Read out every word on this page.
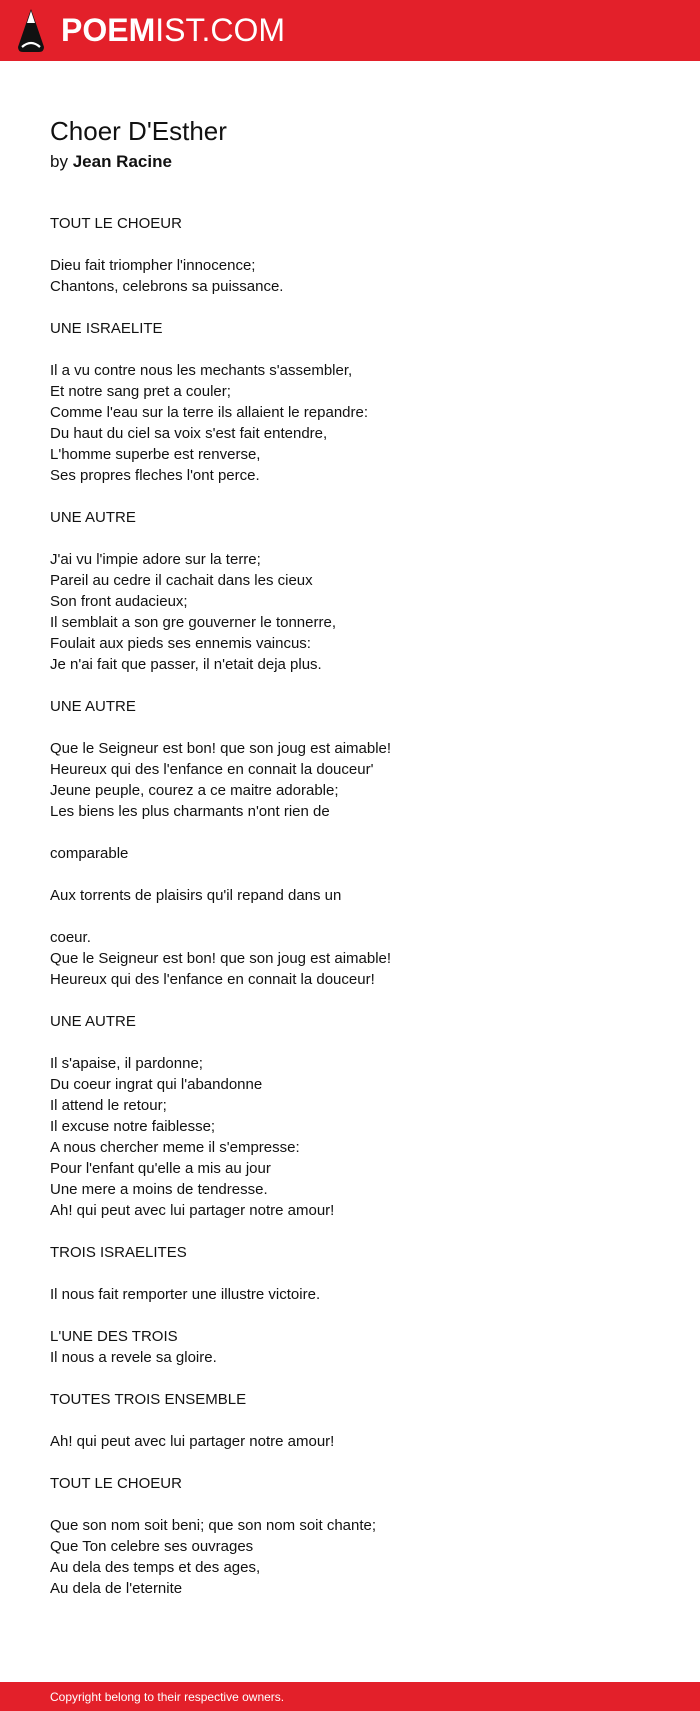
POEMIST.COM
Choer D'Esther
by Jean Racine
TOUT LE CHOEUR
Dieu fait triompher l'innocence;
Chantons, celebrons sa puissance.
UNE ISRAELITE
Il a vu contre nous les mechants s'assembler,
Et notre sang pret a couler;
Comme l'eau sur la terre ils allaient le repandre:
Du haut du ciel sa voix s'est fait entendre,
L'homme superbe est renverse,
Ses propres fleches l'ont perce.
UNE AUTRE
J'ai vu l'impie adore sur la terre;
Pareil au cedre il cachait dans les cieux
Son front audacieux;
Il semblait a son gre gouverner le tonnerre,
Foulait aux pieds ses ennemis vaincus:
Je n'ai fait que passer, il n'etait deja plus.
UNE AUTRE
Que le Seigneur est bon! que son joug est aimable!
Heureux qui des l'enfance en connait la douceur'
Jeune peuple, courez a ce maitre adorable;
Les biens les plus charmants n'ont rien de
comparable
Aux torrents de plaisirs qu'il repand dans un
coeur.
Que le Seigneur est bon! que son joug est aimable!
Heureux qui des l'enfance en connait la douceur!
UNE AUTRE
Il s'apaise, il pardonne;
Du coeur ingrat qui l'abandonne
Il attend le retour;
Il excuse notre faiblesse;
A nous chercher meme il s'empresse:
Pour l'enfant qu'elle a mis au jour
Une mere a moins de tendresse.
Ah! qui peut avec lui partager notre amour!
TROIS ISRAELITES
Il nous fait remporter une illustre victoire.
L'UNE DES TROIS
Il nous a revele sa gloire.
TOUTES TROIS ENSEMBLE
Ah! qui peut avec lui partager notre amour!
TOUT LE CHOEUR
Que son nom soit beni; que son nom soit chante;
Que Ton celebre ses ouvrages
Au dela des temps et des ages,
Au dela de l'eternite
Copyright belong to their respective owners.
